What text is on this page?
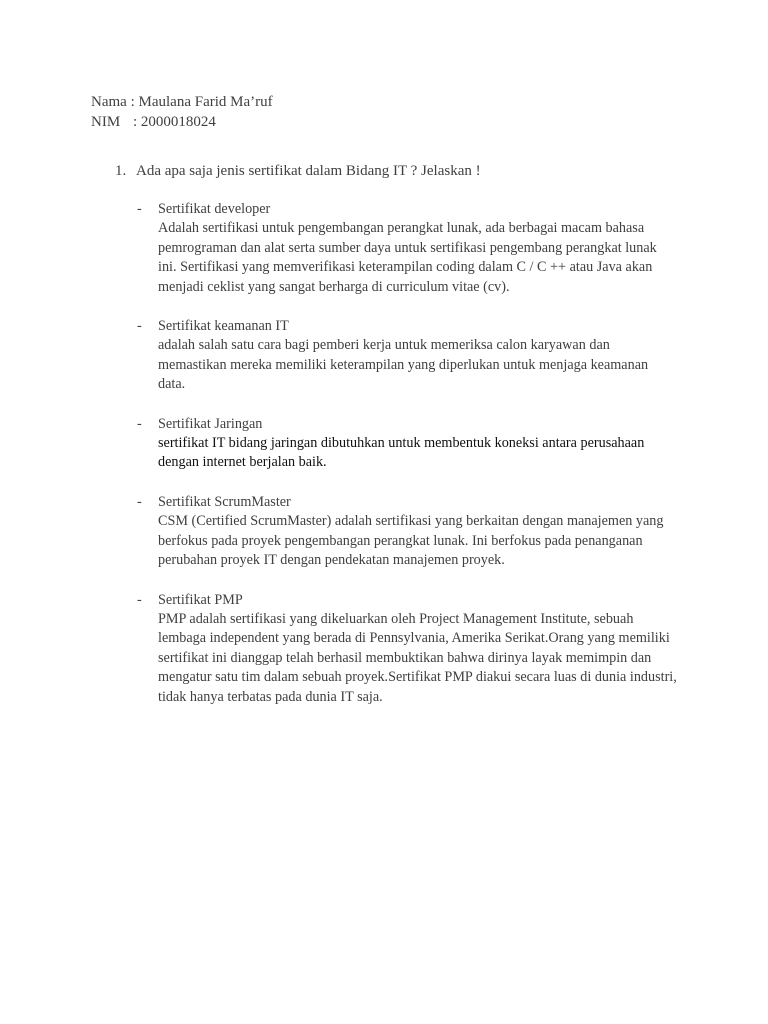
Nama : Maulana Farid Ma’ruf
NIM : 2000018024
1. Ada apa saja jenis sertifikat dalam Bidang IT ? Jelaskan !
- Sertifikat developer
Adalah sertifikasi untuk pengembangan perangkat lunak, ada berbagai macam bahasa pemrograman dan alat serta sumber daya untuk sertifikasi pengembang perangkat lunak ini. Sertifikasi yang memverifikasi keterampilan coding dalam C / C ++ atau Java akan menjadi ceklist yang sangat berharga di curriculum vitae (cv).
- Sertifikat keamanan IT
adalah salah satu cara bagi pemberi kerja untuk memeriksa calon karyawan dan memastikan mereka memiliki keterampilan yang diperlukan untuk menjaga keamanan data.
- Sertifikat Jaringan
sertifikat IT bidang jaringan dibutuhkan untuk membentuk koneksi antara perusahaan dengan internet berjalan baik.
- Sertifikat ScrumMaster
CSM (Certified ScrumMaster) adalah sertifikasi yang berkaitan dengan manajemen yang berfokus pada proyek pengembangan perangkat lunak. Ini berfokus pada penanganan perubahan proyek IT dengan pendekatan manajemen proyek.
- Sertifikat PMP
PMP adalah sertifikasi yang dikeluarkan oleh Project Management Institute, sebuah lembaga independent yang berada di Pennsylvania, Amerika Serikat.Orang yang memiliki sertifikat ini dianggap telah berhasil membuktikan bahwa dirinya layak memimpin dan mengatur satu tim dalam sebuah proyek.Sertifikat PMP diakui secara luas di dunia industri, tidak hanya terbatas pada dunia IT saja.
